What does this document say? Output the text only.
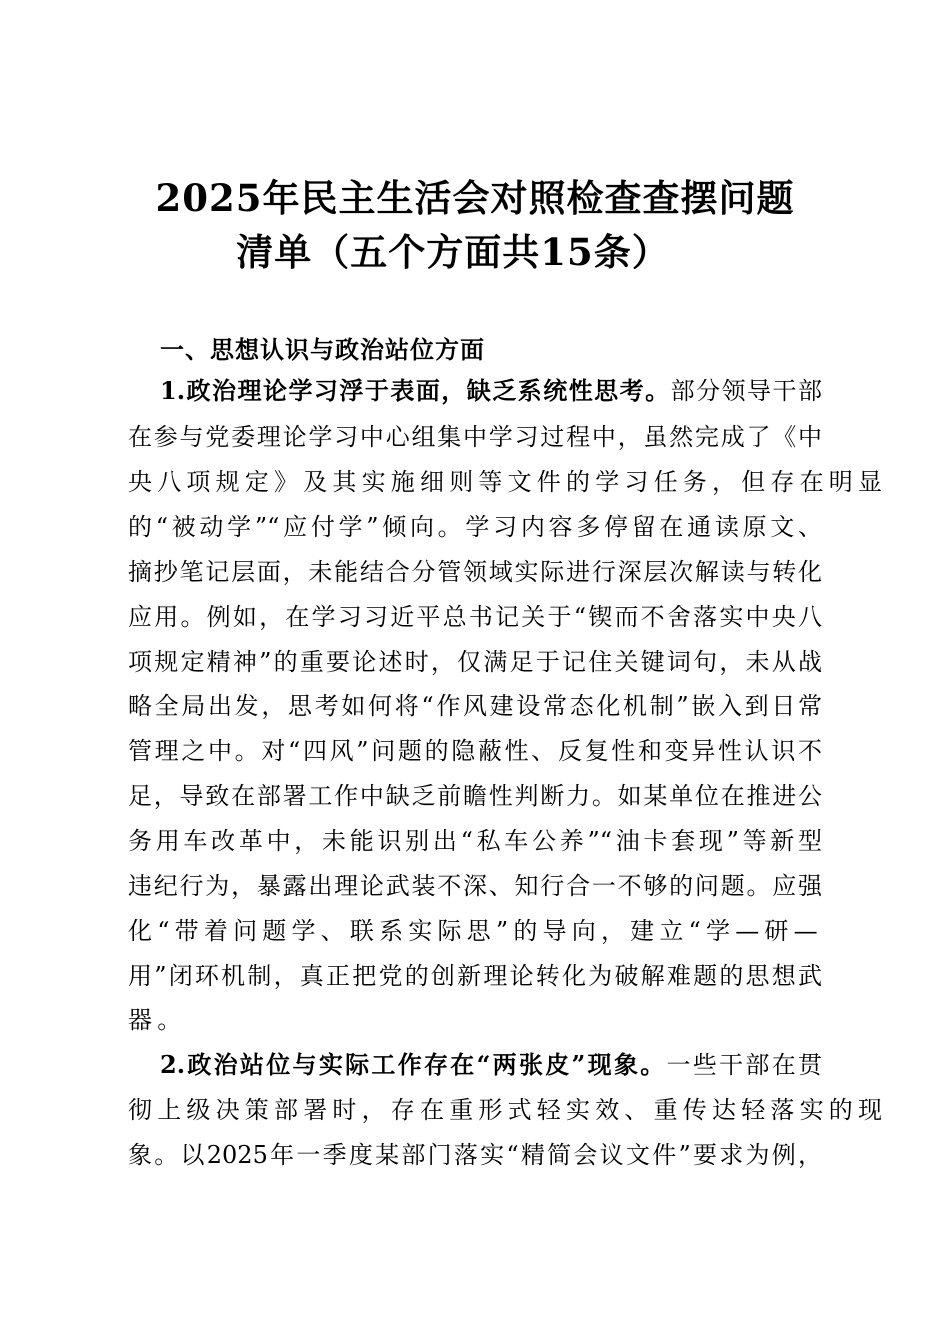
2025年民主生活会对照检查查摆问题
清单（五个方面共15条）
一、思想认识与政治站位方面
1.政治理论学习浮于表面，缺乏系统性思考。部分领导干部
在参与党委理论学习中心组集中学习过程中，虽然完成了《中
央八项规定》及其实施细则等文件的学习任务，但存在明显
的“被动学”“应付学”倾向。学习内容多停留在通读原文、
摘抄笔记层面，未能结合分管领域实际进行深层次解读与转化
应用。例如，在学习习近平总书记关于“锲而不舍落实中央八
项规定精神”的重要论述时，仅满足于记住关键词句，未从战
略全局出发，思考如何将“作风建设常态化机制”嵌入到日常
管理之中。对“四风”问题的隐蔽性、反复性和变异性认识不
足，导致在部署工作中缺乏前瞻性判断力。如某单位在推进公
务用车改革中，未能识别出“私车公养”“油卡套现”等新型
违纪行为，暴露出理论武装不深、知行合一不够的问题。应强
化“带着问题学、联系实际思”的导向，建立“学—研—
用”闭环机制，真正把党的创新理论转化为破解难题的思想武
器。
2.政治站位与实际工作存在“两张皮”现象。一些干部在贯
彻上级决策部署时，存在重形式轻实效、重传达轻落实的现
象。以2025年一季度某部门落实“精简会议文件”要求为例，
